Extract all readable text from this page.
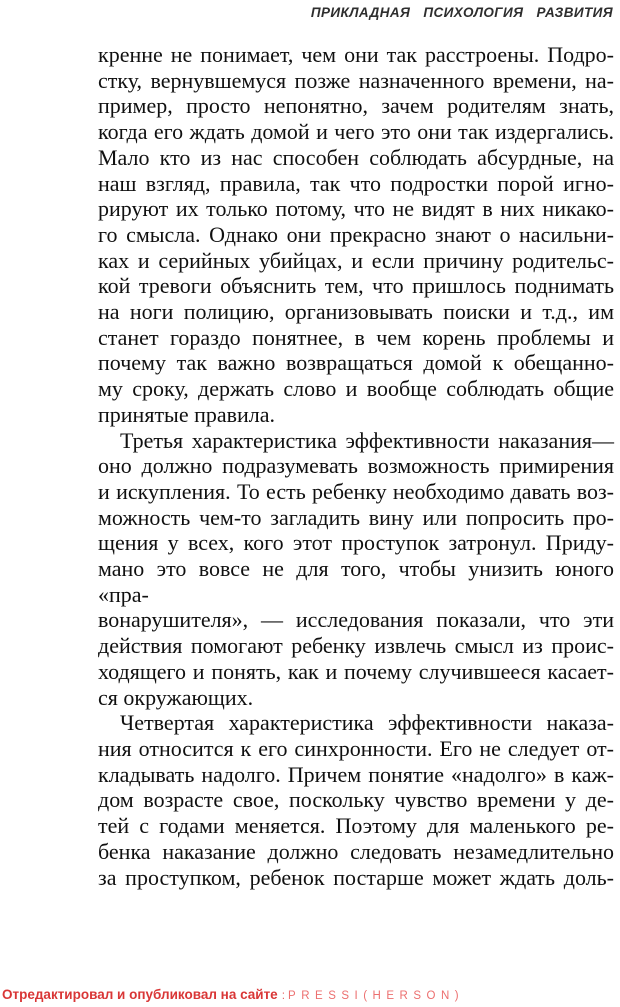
ПРИКЛАДНАЯ ПСИХОЛОГИЯ РАЗВИТИЯ
кренне не понимает, чем они так расстроены. Подро-
стку, вернувшемуся позже назначенного времени, на-
пример, просто непонятно, зачем родителям знать,
когда его ждать домой и чего это они так издергались.
Мало кто из нас способен соблюдать абсурдные, на
наш взгляд, правила, так что подростки порой игно-
рируют их только потому, что не видят в них никако-
го смысла. Однако они прекрасно знают о насильни-
ках и серийных убийцах, и если причину родительс-
кой тревоги объяснить тем, что пришлось поднимать
на ноги полицию, организовывать поиски и т.д., им
станет гораздо понятнее, в чем корень проблемы и
почему так важно возвращаться домой к обещанно-
му сроку, держать слово и вообще соблюдать общие
принятые правила.
Третья характеристика эффективности наказания—
оно должно подразумевать возможность примирения
и искупления. То есть ребенку необходимо давать воз-
можность чем-то загладить вину или попросить про-
щения у всех, кого этот проступок затронул. Приду-
мано это вовсе не для того, чтобы унизить юного «пра-
вонарушителя», — исследования показали, что эти
действия помогают ребенку извлечь смысл из проис-
ходящего и понять, как и почему случившееся касает-
ся окружающих.
Четвертая характеристика эффективности наказа-
ния относится к его синхронности. Его не следует от-
кладывать надолго. Причем понятие «надолго» в каж-
дом возрасте свое, поскольку чувство времени у де-
тей с годами меняется. Поэтому для маленького ре-
бенка наказание должно следовать незамедлительно
за проступком, ребенок постарше может ждать доль-
Отредактировал и опубликовал на сайте : PRESSI(HERSON)
